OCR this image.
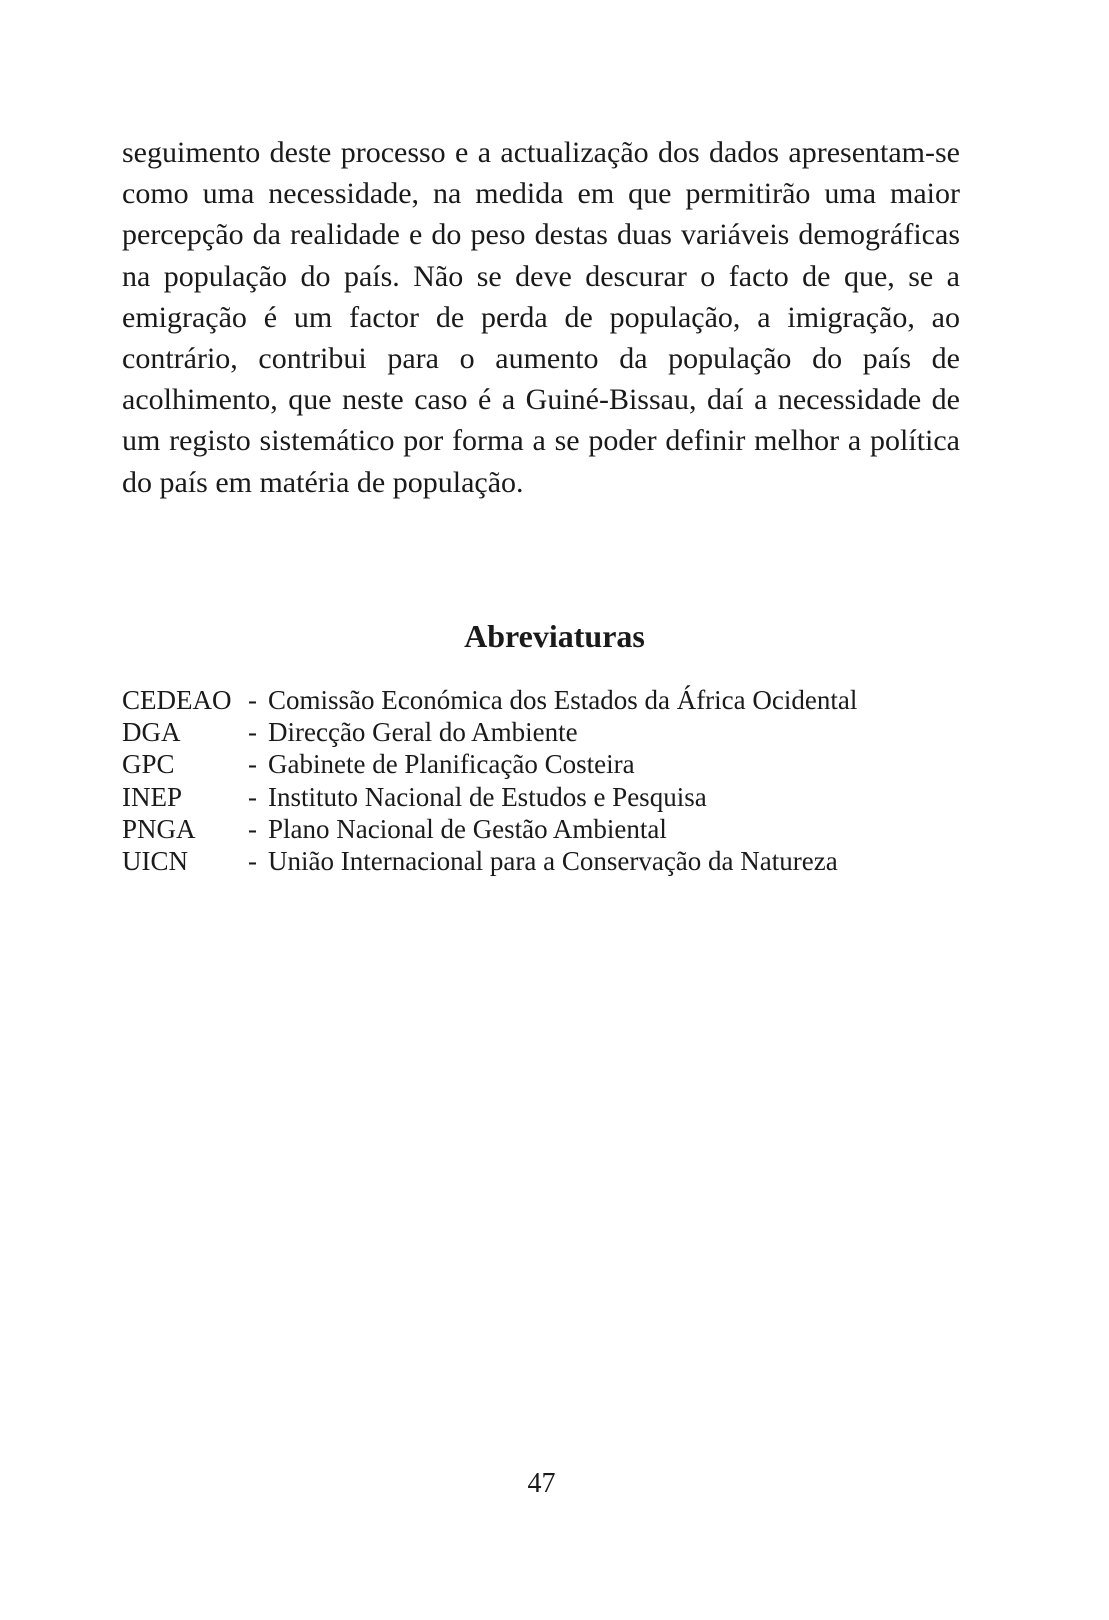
seguimento deste processo e a actualização dos dados apresentam-se como uma necessidade, na medida em que permitirão uma maior percepção da realidade e do peso destas duas variáveis demográficas na população do país. Não se deve descurar o facto de que, se a emigração é um factor de perda de população, a imigração, ao contrário, contribui para o aumento da população do país de acolhimento, que neste caso é a Guiné-Bissau, daí a necessidade de um registo sistemático por forma a se poder definir melhor a política do país em matéria de população.

Abreviaturas
CEDEAO - Comissão Económica dos Estados da África Ocidental
DGA	- Direcção Geral do Ambiente
GPC	- Gabinete de Planificação Costeira
INEP	- Instituto Nacional de Estudos e Pesquisa
PNGA	- Plano Nacional de Gestão Ambiental
UICN	- União Internacional para a Conservação da Natureza
47
